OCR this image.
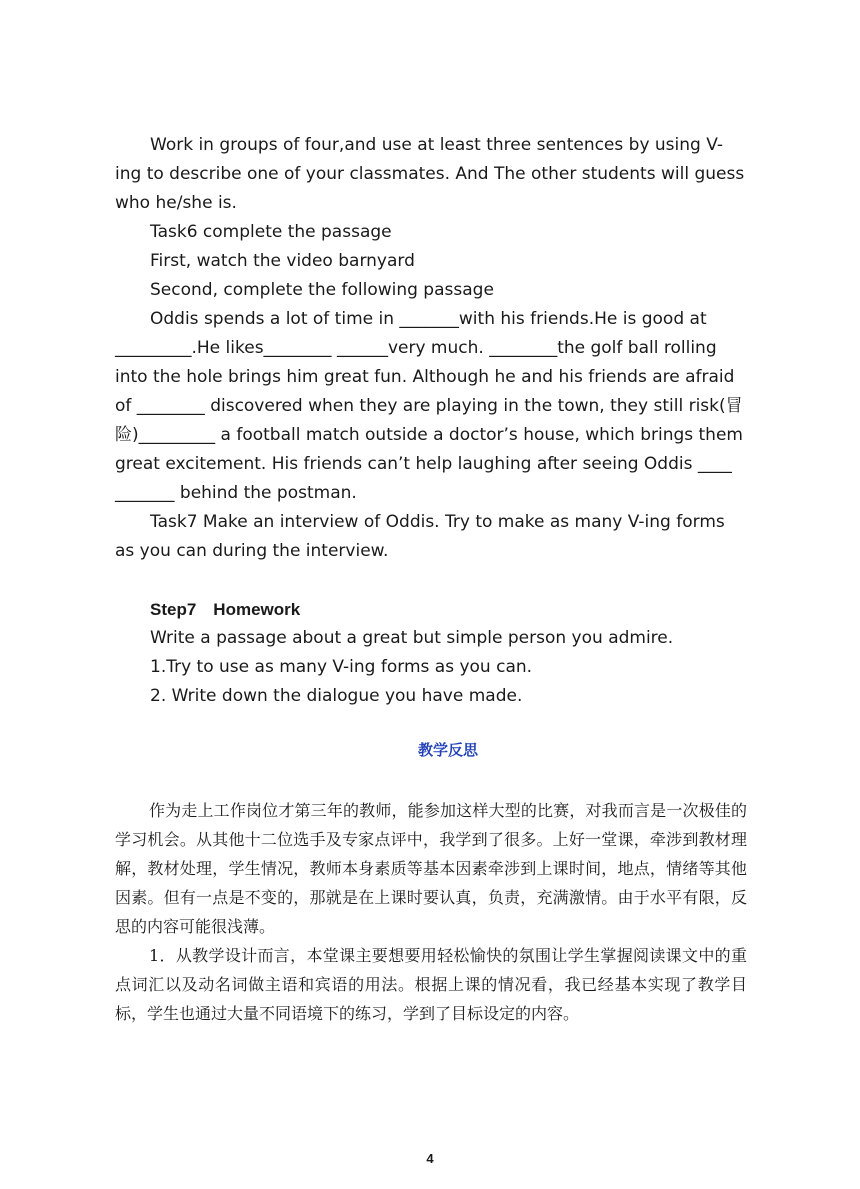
Work in groups of four,and use at least three sentences by using V-ing to describe one of your classmates. And The other students will guess who he/she is.

Task6 complete the passage

First, watch the video barnyard

Second, complete the following passage

Oddis spends a lot of time in _______with his friends.He is good at _________.He likes________ ______very much. ________the golf ball rolling into the hole brings him great fun. Although he and his friends are afraid of ________ discovered when they are playing in the town, they still risk(冒险)_________ a football match outside a doctor’s house, which brings them great excitement. His friends can’t help laughing after seeing Oddis ____ _______ behind the postman.

Task7 Make an interview of Oddis. Try to make as many V-ing forms as you can during the interview.

Step7　Homework

Write a passage about a great but simple person you admire.

1.Try to use as many V-ing forms as you can.

2. Write down the dialogue you have made.

教学反思

作为走上工作岗位才第三年的教师，能参加这样大型的比赛，对我而言是一次极佳的学习机会。从其他十二位选手及专家点评中，我学到了很多。上好一堂课，牵涉到教材理解，教材处理，学生情况，教师本身素质等基本因素牵涉到上课时间，地点，情绪等其他因素。但有一点是不变的，那就是在上课时要认真，负责，充满激情。由于水平有限，反思的内容可能很浅薄。

1．从教学设计而言，本堂课主要想要用轻松愉快的氛围让学生掌握阅读课文中的重点词汇以及动名词做主语和宾语的用法。根据上课的情况看，我已经基本实现了教学目标，学生也通过大量不同语境下的练习，学到了目标设定的内容。

4
